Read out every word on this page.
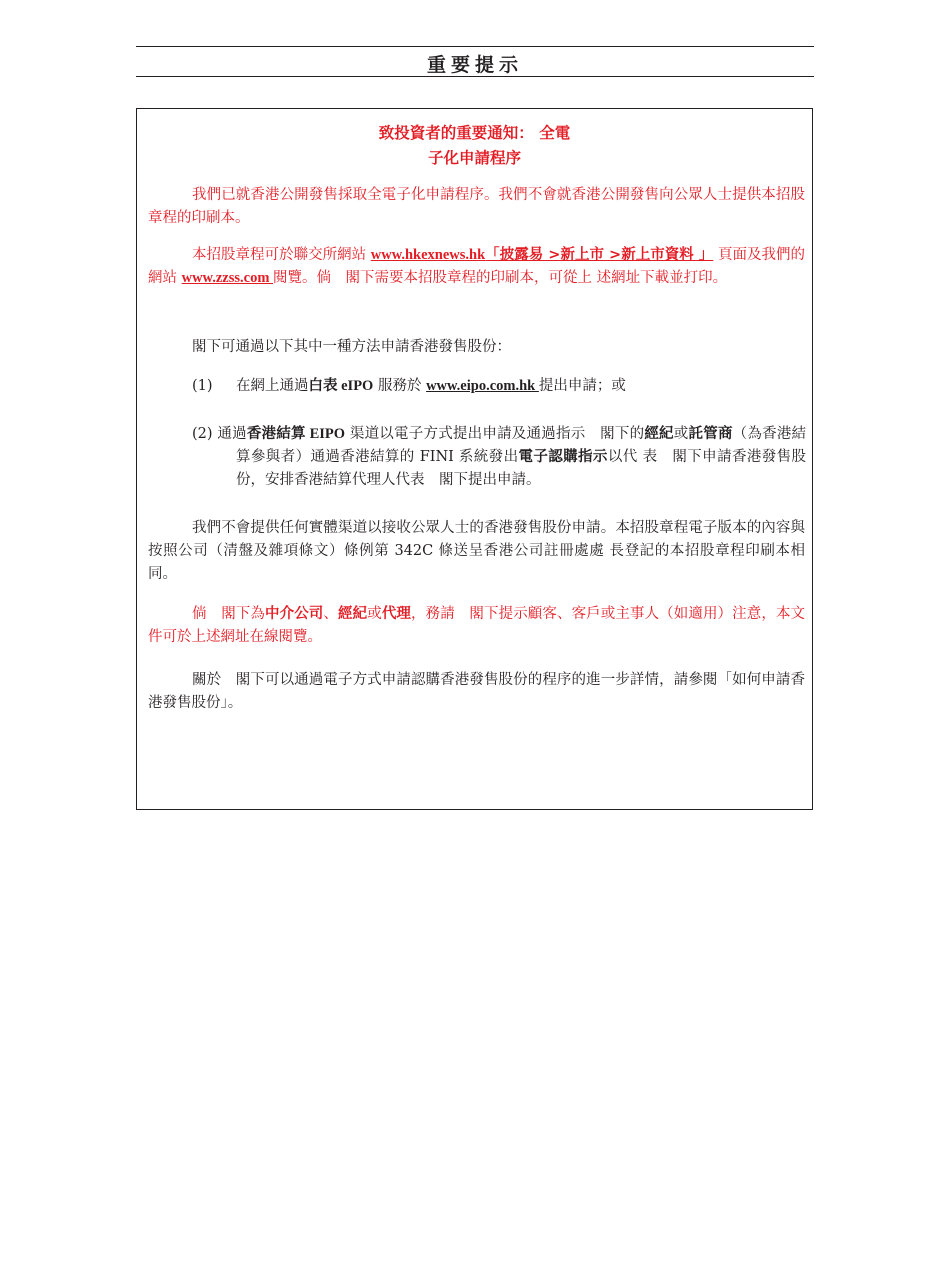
重要提示
致投資者的重要通知： 全電
子化申請程序

我們已就香港公開發售採取全電子化申請程序。我們不會就香港公開發售向公眾人士提供本招股章程的印刷本。

本招股章程可於聯交所網站 www.hkexnews.hk「披露易 >新上市 >新上市資料 」 頁面及我們的網站 www.zzss.com 閱覽。倘　閣下需要本招股章程的印刷本，可從上 述網址下載並打印。

閣下可通過以下其中一種方法申請香港發售股份：

(1) 在網上通過白表 eIPO 服務於 www.eipo.com.hk 提出申請；或

(2) 通過香港結算 EIPO 渠道以電子方式提出申請及通過指示　閣下的經紀或託管商（為香港結算參與者）通過香港結算的 FINI 系統發出電子認購指示以代 表　閣下申請香港發售股份，安排香港結算代理人代表　閣下提出申請。

我們不會提供任何實體渠道以接收公眾人士的香港發售股份申請。本招股章程電子版本的內容與按照公司（清盤及雜項條文）條例第 342C 條送呈香港公司註冊處處 長登記的本招股章程印刷本相同。

倘　閣下為中介公司、經紀或代理，務請　閣下提示顧客、客戶或主事人（如適用）注意，本文件可於上述網址在線閱覽。

關於　閣下可以通過電子方式申請認購香港發售股份的程序的進一步詳情，請參閱「如何申請香港發售股份」。
